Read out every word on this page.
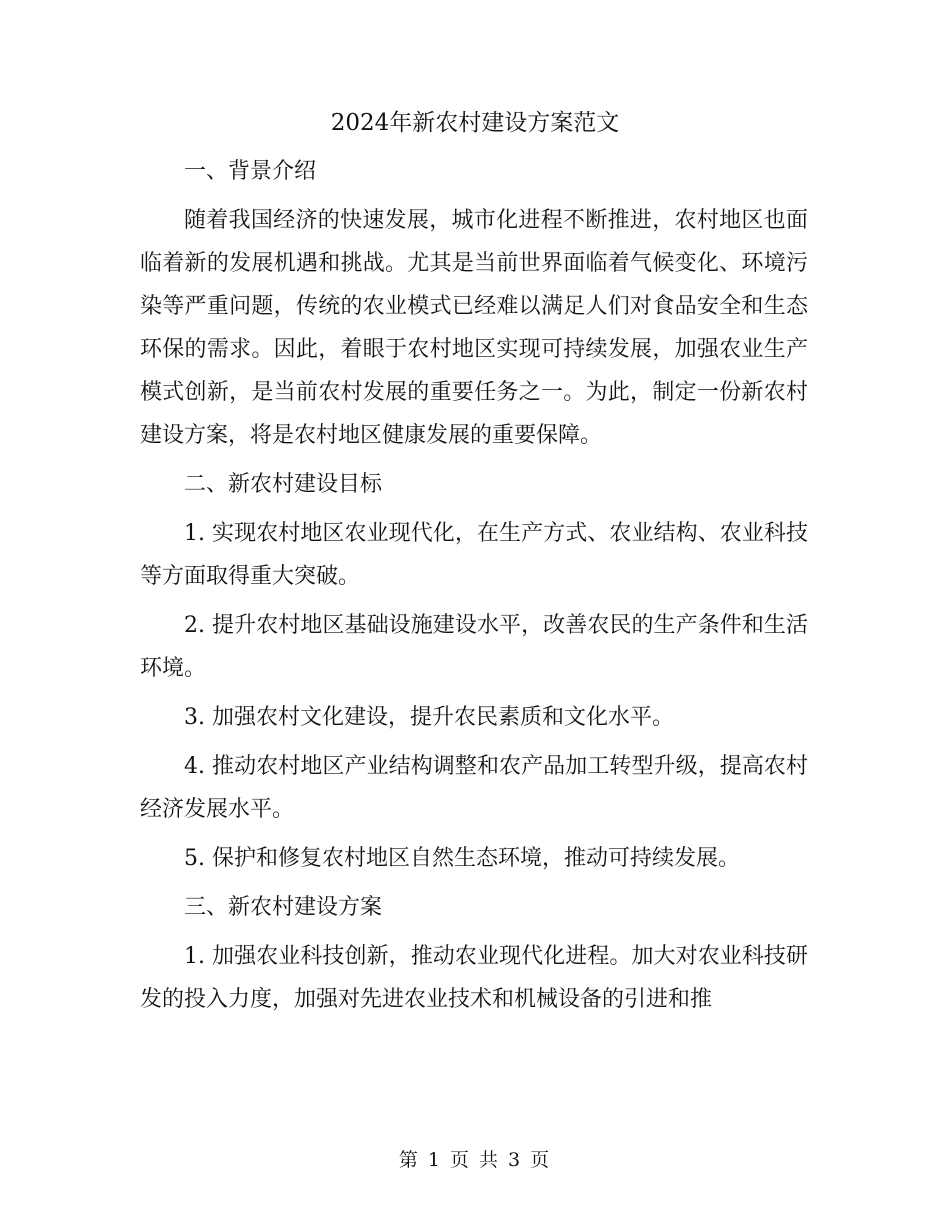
2024年新农村建设方案范文

一、背景介绍

随着我国经济的快速发展，城市化进程不断推进，农村地区也面临着新的发展机遇和挑战。尤其是当前世界面临着气候变化、环境污染等严重问题，传统的农业模式已经难以满足人们对食品安全和生态环保的需求。因此，着眼于农村地区实现可持续发展，加强农业生产模式创新，是当前农村发展的重要任务之一。为此，制定一份新农村建设方案，将是农村地区健康发展的重要保障。

二、新农村建设目标

1. 实现农村地区农业现代化，在生产方式、农业结构、农业科技等方面取得重大突破。

2. 提升农村地区基础设施建设水平，改善农民的生产条件和生活环境。

3. 加强农村文化建设，提升农民素质和文化水平。

4. 推动农村地区产业结构调整和农产品加工转型升级，提高农村经济发展水平。

5. 保护和修复农村地区自然生态环境，推动可持续发展。

三、新农村建设方案

1. 加强农业科技创新，推动农业现代化进程。加大对农业科技研发的投入力度，加强对先进农业技术和机械设备的引进和推

第 1 页 共 3 页
